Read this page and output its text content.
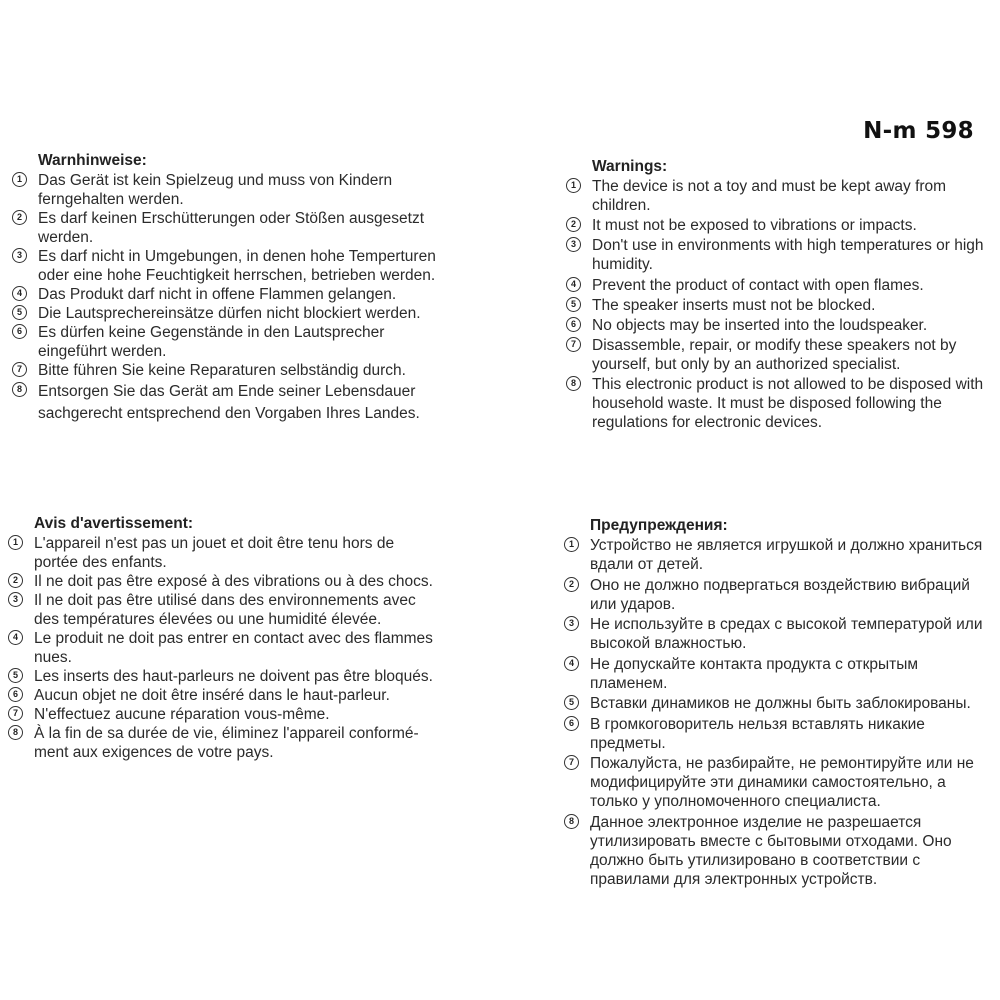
N-m 598
Warnhinweise:
1	Das Gerät ist kein Spielzeug und muss von Kindern
ferngehalten werden.
2	Es darf keinen Erschütterungen oder Stößen ausgesetzt
werden.
3	Es darf nicht in Umgebungen, in denen hohe Temperturen
oder eine hohe Feuchtigkeit herrschen, betrieben werden.
4	Das Produkt darf nicht in offene Flammen gelangen.
5	Die Lautsprechereinsätze dürfen nicht blockiert werden.
6	Es dürfen keine Gegenstände in den Lautsprecher
eingeführt werden.
7	Bitte führen Sie keine Reparaturen selbständig durch.
8	Entsorgen Sie das Gerät am Ende seiner Lebensdauer
sachgerecht entsprechend den Vorgaben Ihres Landes.
Warnings:
1	The device is not a toy and must be kept away from
children.
2	It must not be exposed to vibrations or impacts.
3	Don't use in environments with high temperatures or high
humidity.
4	Prevent the product of contact with open flames.
5	The speaker inserts must not be blocked.
6	No objects may be inserted into the loudspeaker.
7	Disassemble, repair, or modify these speakers not by
yourself, but only by an authorized specialist.
8	This electronic product is not allowed to be disposed with
household waste. It must be disposed following the
regulations for electronic devices.
Avis d'avertissement:
1	L'appareil n'est pas un jouet et doit être tenu hors de
portée des enfants.
2	Il ne doit pas être exposé à des vibrations ou à des chocs.
3	Il ne doit pas être utilisé dans des environnements avec
des températures élevées ou une humidité élevée.
4	Le produit ne doit pas entrer en contact avec des flammes
nues.
5	Les inserts des haut-parleurs ne doivent pas être bloqués.
6	Aucun objet ne doit être inséré dans le haut-parleur.
7	N'effectuez aucune réparation vous-même.
8	À la fin de sa durée de vie, éliminez l'appareil conformé-
ment aux exigences de votre pays.
Предупреждения:
1	Устройство не является игрушкой и должно храниться
вдали от детей.
2	Оно не должно подвергаться воздействию вибраций
или ударов.
3	Не используйте в средах с высокой температурой или
высокой влажностью.
4	Не допускайте контакта продукта с открытым
пламенем.
5	Вставки динамиков не должны быть заблокированы.
6	В громкоговоритель нельзя вставлять никакие
предметы.
7	Пожалуйста, не разбирайте, не ремонтируйте или не
модифицируйте эти динамики самостоятельно, а
только у уполномоченного специалиста.
8	Данное электронное изделие не разрешается
утилизировать вместе с бытовыми отходами. Оно
должно быть утилизировано в соответствии с
правилами для электронных устройств.
